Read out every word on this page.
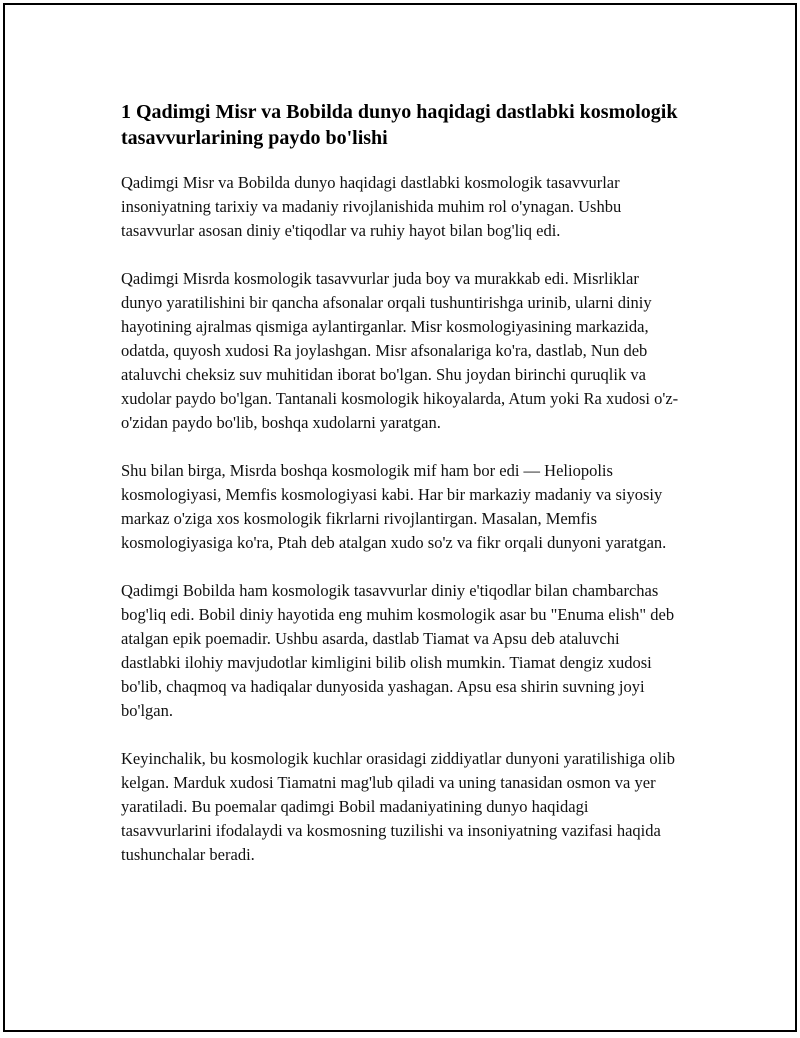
1 Qadimgi Misr va Bobilda dunyo haqidagi dastlabki kosmologik tasavvurlarining paydo bo'lishi

Qadimgi Misr va Bobilda dunyo haqidagi dastlabki kosmologik tasavvurlar insoniyatning tarixiy va madaniy rivojlanishida muhim rol o'ynagan. Ushbu tasavvurlar asosan diniy e'tiqodlar va ruhiy hayot bilan bog'liq edi.

Qadimgi Misrda kosmologik tasavvurlar juda boy va murakkab edi. Misrliklar dunyo yaratilishini bir qancha afsonalar orqali tushuntirishga urinib, ularni diniy hayotining ajralmas qismiga aylantirganlar. Misr kosmologiyasining markazida, odatda, quyosh xudosi Ra joylashgan. Misr afsonalariga ko'ra, dastlab, Nun deb ataluvchi cheksiz suv muhitidan iborat bo'lgan. Shu joydan birinchi quruqlik va xudolar paydo bo'lgan. Tantanali kosmologik hikoyalarda, Atum yoki Ra xudosi o'z-o'zidan paydo bo'lib, boshqa xudolarni yaratgan.

Shu bilan birga, Misrda boshqa kosmologik mif ham bor edi — Heliopolis kosmologiyasi, Memfis kosmologiyasi kabi. Har bir markaziy madaniy va siyosiy markaz o'ziga xos kosmologik fikrlarni rivojlantirgan. Masalan, Memfis kosmologiyasiga ko'ra, Ptah deb atalgan xudo so'z va fikr orqali dunyoni yaratgan.

Qadimgi Bobilda ham kosmologik tasavvurlar diniy e'tiqodlar bilan chambarchas bog'liq edi. Bobil diniy hayotida eng muhim kosmologik asar bu "Enuma elish" deb atalgan epik poemadir. Ushbu asarda, dastlab Tiamat va Apsu deb ataluvchi dastlabki ilohiy mavjudotlar kimligini bilib olish mumkin. Tiamat dengiz xudosi bo'lib, chaqmoq va hadiqalar dunyosida yashagan. Apsu esa shirin suvning joyi bo'lgan.

Keyinchalik, bu kosmologik kuchlar orasidagi ziddiyatlar dunyoni yaratilishiga olib kelgan. Marduk xudosi Tiamatni mag'lub qiladi va uning tanasidan osmon va yer yaratiladi. Bu poemalar qadimgi Bobil madaniyatining dunyo haqidagi tasavvurlarini ifodalaydi va kosmosning tuzilishi va insoniyatning vazifasi haqida tushunchalar beradi.
